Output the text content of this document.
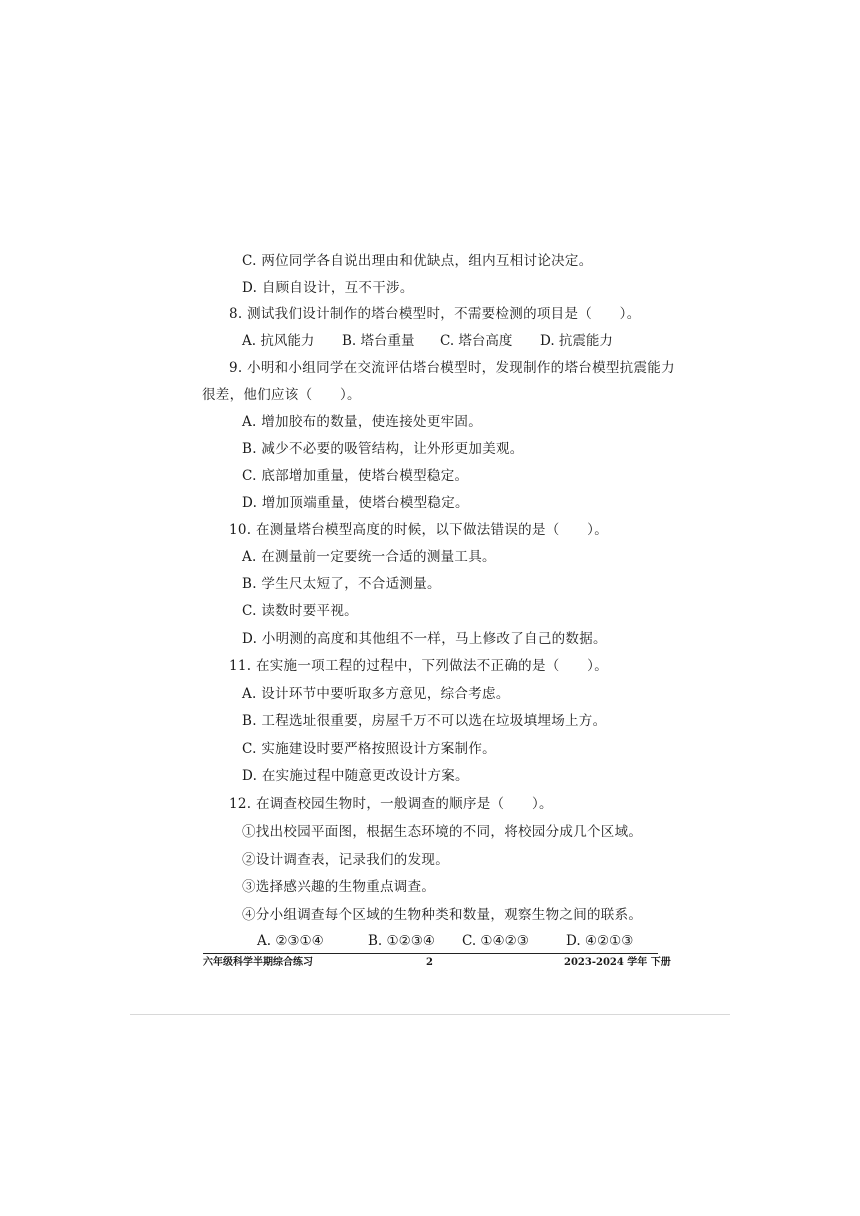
C. 两位同学各自说出理由和优缺点，组内互相讨论决定。
D. 自顾自设计，互不干涉。
8. 测试我们设计制作的塔台模型时，不需要检测的项目是（　　）。
A. 抗风能力 B. 塔台重量 C. 塔台高度 D. 抗震能力
9. 小明和小组同学在交流评估塔台模型时，发现制作的塔台模型抗震能力
很差，他们应该（　　）。
A. 增加胶布的数量，使连接处更牢固。
B. 减少不必要的吸管结构，让外形更加美观。
C. 底部增加重量，使塔台模型稳定。
D. 增加顶端重量，使塔台模型稳定。
10. 在测量塔台模型高度的时候，以下做法错误的是（　　）。
A. 在测量前一定要统一合适的测量工具。
B. 学生尺太短了，不合适测量。
C. 读数时要平视。
D. 小明测的高度和其他组不一样，马上修改了自己的数据。
11. 在实施一项工程的过程中，下列做法不正确的是（　　）。
A. 设计环节中要听取多方意见，综合考虑。
B. 工程选址很重要，房屋千万不可以选在垃圾填埋场上方。
C. 实施建设时要严格按照设计方案制作。
D. 在实施过程中随意更改设计方案。
12. 在调查校园生物时，一般调查的顺序是（　　）。
①找出校园平面图，根据生态环境的不同，将校园分成几个区域。
②设计调查表，记录我们的发现。
③选择感兴趣的生物重点调查。
④分小组调查每个区域的生物种类和数量，观察生物之间的联系。
A. ②③①④	B. ①②③④ C. ①④②③	D. ④②①③
六年级科学半期综合练习	2	2023-2024 学年 下册
